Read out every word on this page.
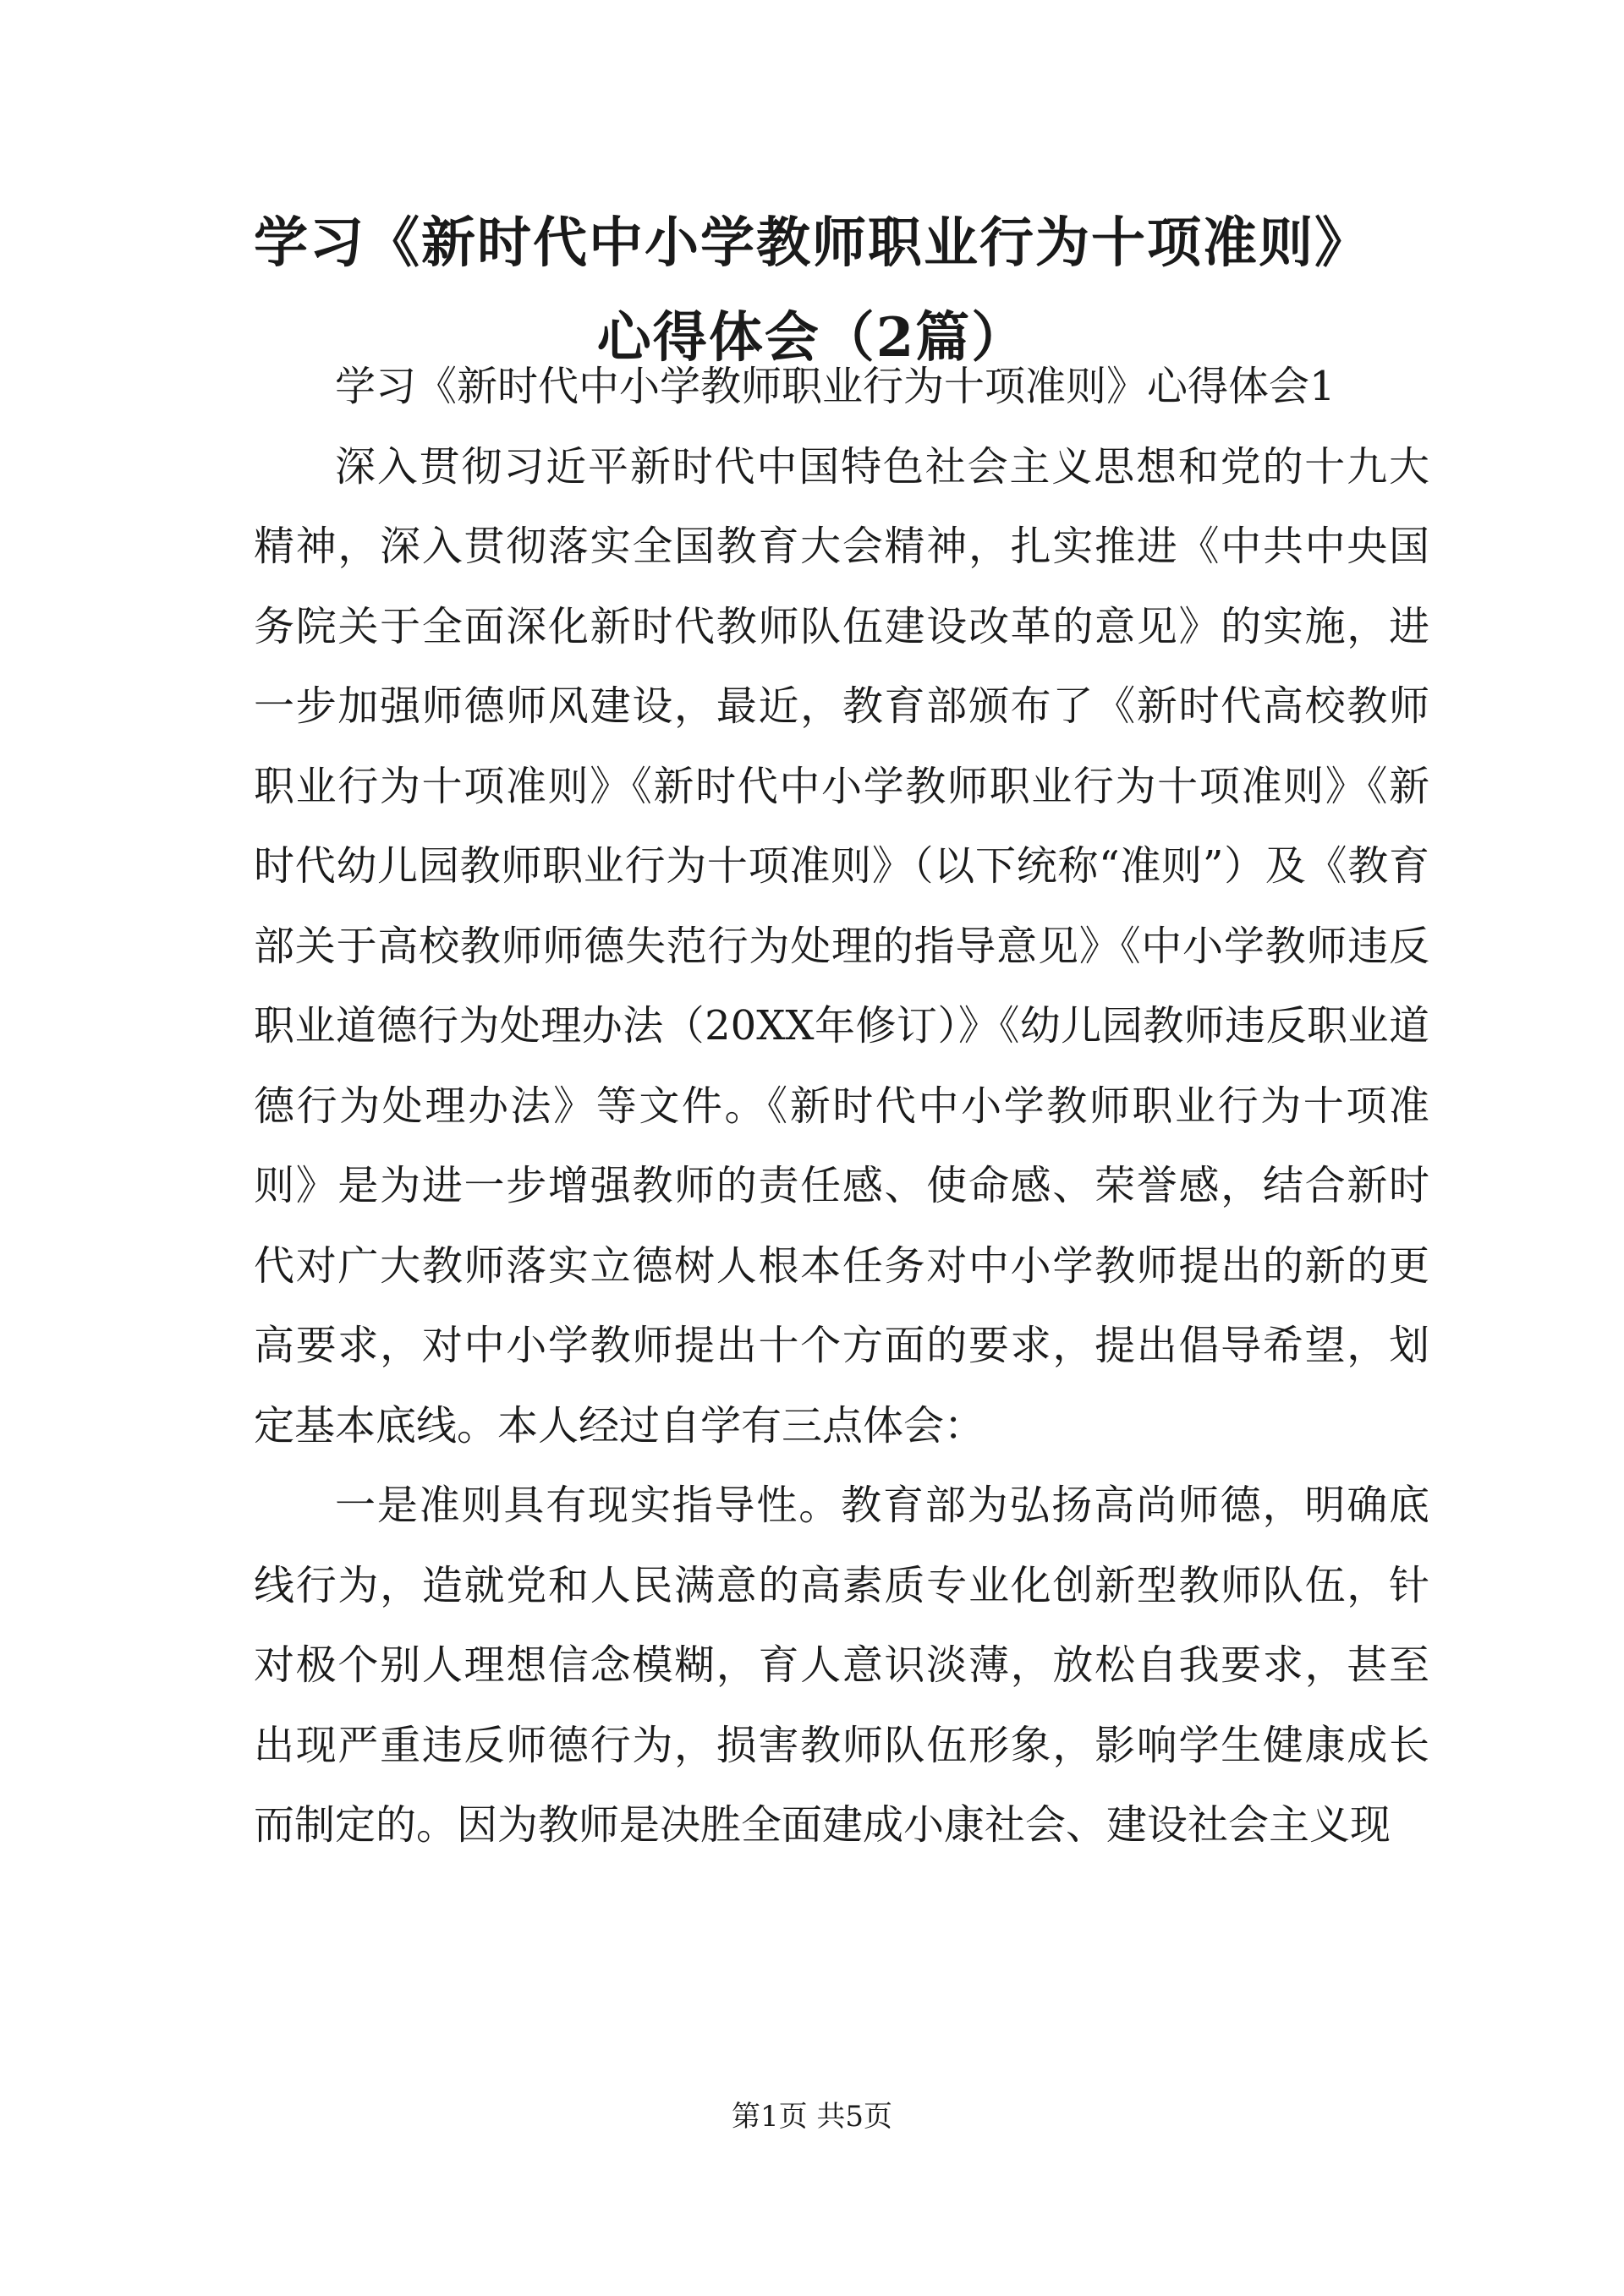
学习《新时代中小学教师职业行为十项准则》
心得体会（2篇）

学习《新时代中小学教师职业行为十项准则》心得体会1

深入贯彻习近平新时代中国特色社会主义思想和党的十九大精神，深入贯彻落实全国教育大会精神，扎实推进《中共中央国务院关于全面深化新时代教师队伍建设改革的意见》的实施，进一步加强师德师风建设，最近，教育部颁布了《新时代高校教师职业行为十项准则》《新时代中小学教师职业行为十项准则》《新时代幼儿园教师职业行为十项准则》（以下统称“准则”）及《教育部关于高校教师师德失范行为处理的指导意见》《中小学教师违反职业道德行为处理办法（20XX年修订）》《幼儿园教师违反职业道德行为处理办法》等文件。《新时代中小学教师职业行为十项准则》是为进一步增强教师的责任感、使命感、荣誉感，结合新时代对广大教师落实立德树人根本任务对中小学教师提出的新的更高要求，对中小学教师提出十个方面的要求，提出倡导希望，划定基本底线。本人经过自学有三点体会：

一是准则具有现实指导性。教育部为弘扬高尚师德，明确底线行为，造就党和人民满意的高素质专业化创新型教师队伍，针对极个别人理想信念模糊，育人意识淡薄，放松自我要求，甚至出现严重违反师德行为，损害教师队伍形象，影响学生健康成长而制定的。因为教师是决胜全面建成小康社会、建设社会主义现

第1页 共5页
